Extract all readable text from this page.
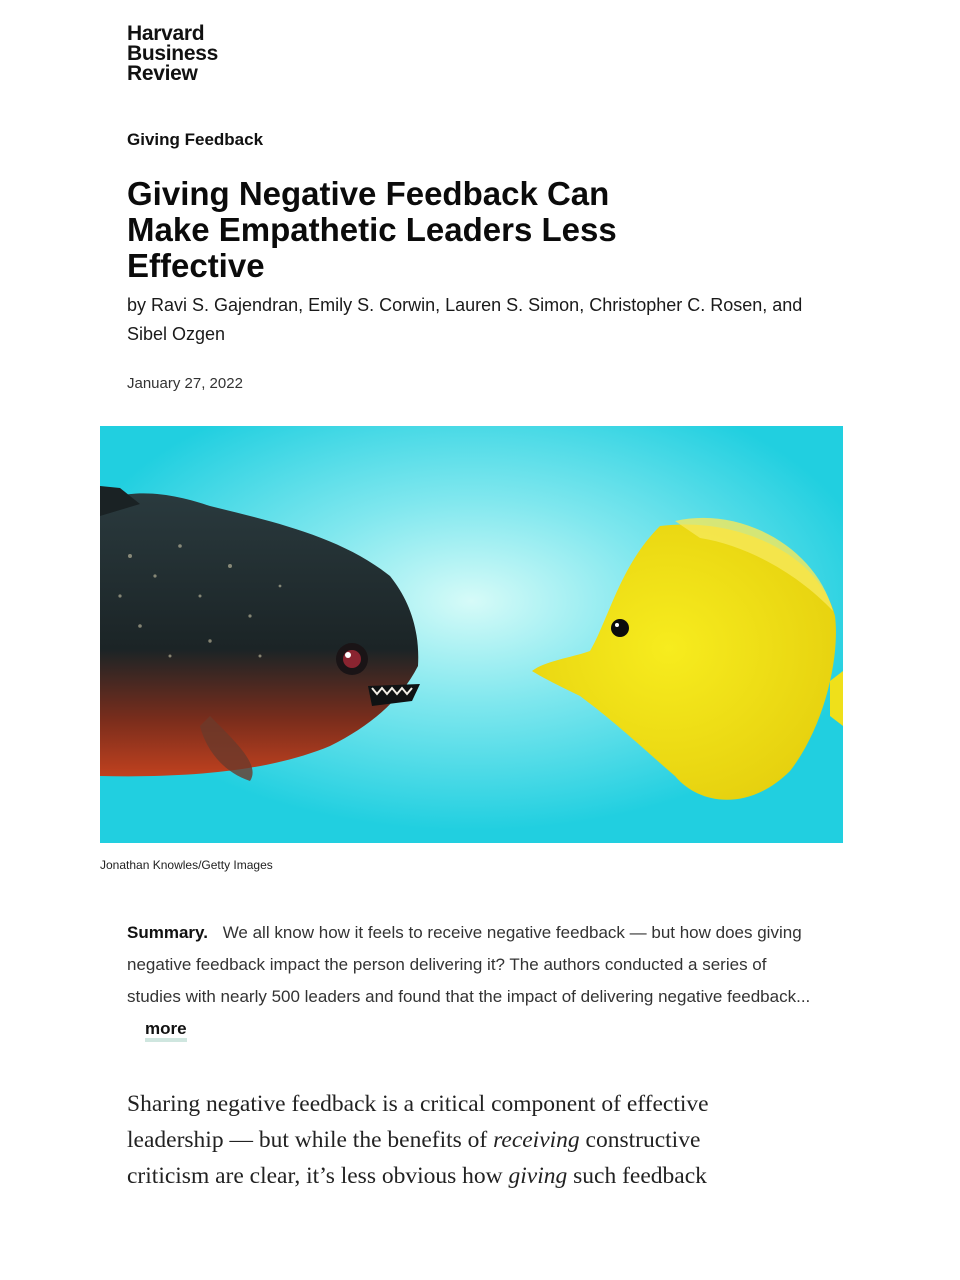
Harvard
Business
Review
Giving Feedback
Giving Negative Feedback Can Make Empathetic Leaders Less Effective
by Ravi S. Gajendran, Emily S. Corwin, Lauren S. Simon, Christopher C. Rosen, and Sibel Ozgen
January 27, 2022
Jonathan Knowles/Getty Images
Summary. We all know how it feels to receive negative feedback — but how does giving negative feedback impact the person delivering it? The authors conducted a series of studies with nearly 500 leaders and found that the impact of delivering negative feedback... more
Sharing negative feedback is a critical component of effective leadership — but while the benefits of receiving constructive criticism are clear, it’s less obvious how giving such feedback
